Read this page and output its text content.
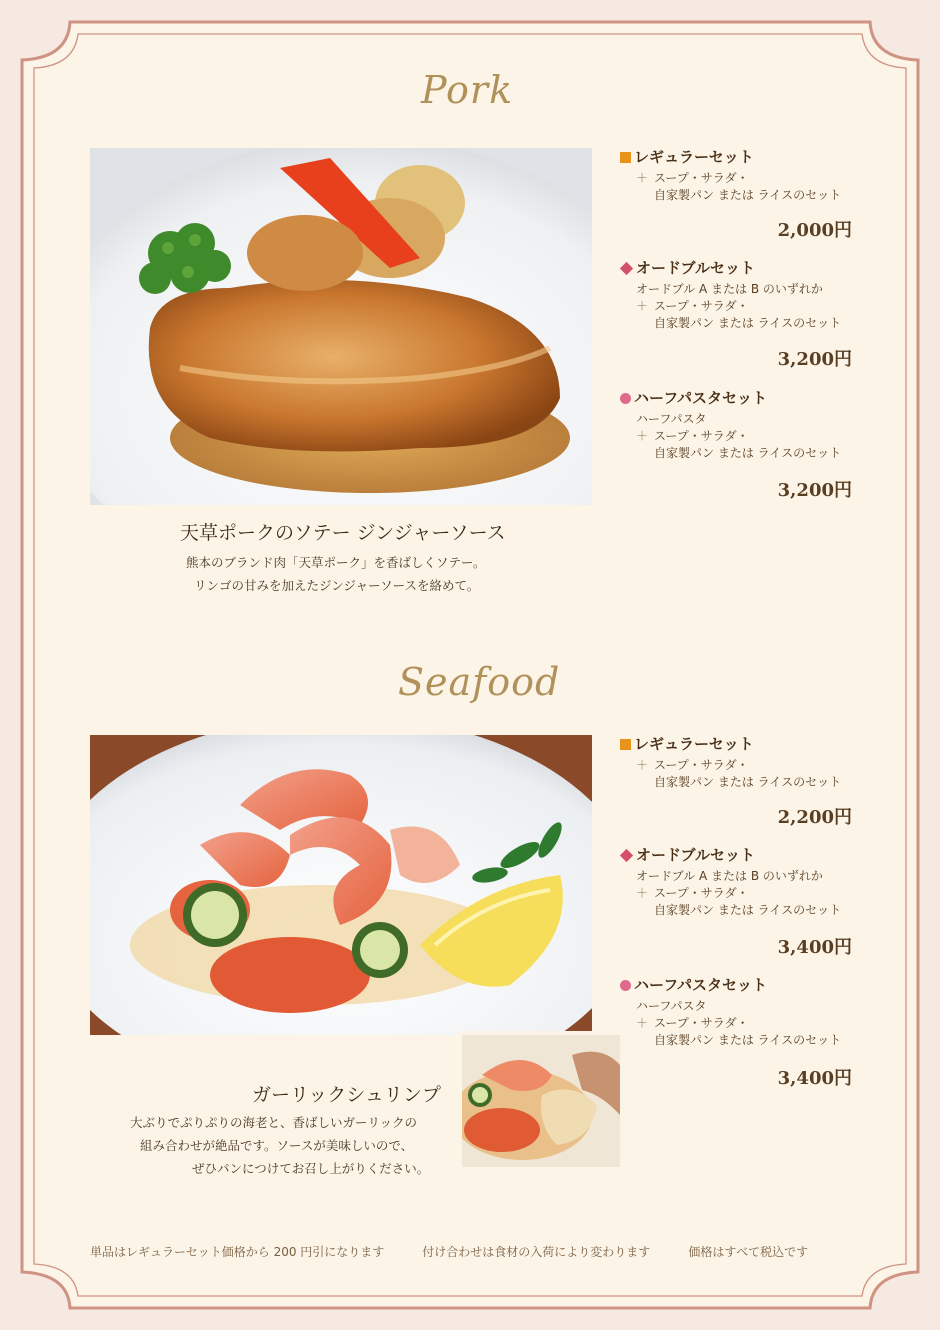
Pork
天草ポークのソテー ジンジャーソース
熊本のブランド肉「天草ポーク」を香ばしくソテー。
リンゴの甘みを加えたジンジャーソースを絡めて。
レギュラーセット
＋ スープ・サラダ・
自家製パン または ライスのセット
2,000円
オードブルセット
オードブル A または B のいずれか
＋ スープ・サラダ・
自家製パン または ライスのセット
3,200円
ハーフパスタセット
ハーフパスタ
＋ スープ・サラダ・
自家製パン または ライスのセット
3,200円
Seafood
ガーリックシュリンプ
大ぶりでぷりぷりの海老と、香ばしいガーリックの
組み合わせが絶品です。ソースが美味しいので、
ぜひパンにつけてお召し上がりください。
レギュラーセット
＋ スープ・サラダ・
自家製パン または ライスのセット
2,200円
オードブルセット
オードブル A または B のいずれか
＋ スープ・サラダ・
自家製パン または ライスのセット
3,400円
ハーフパスタセット
ハーフパスタ
＋ スープ・サラダ・
自家製パン または ライスのセット
3,400円
単品はレギュラーセット価格から 200 円引になります	付け合わせは食材の入荷により変わります	価格はすべて税込です
